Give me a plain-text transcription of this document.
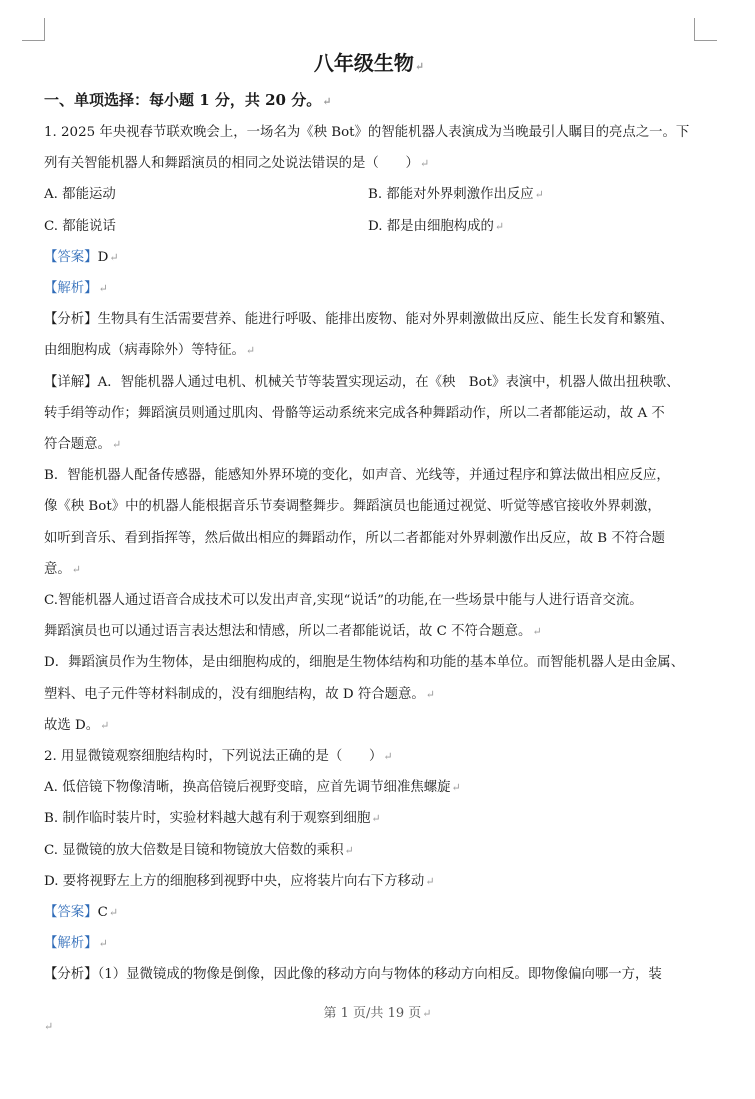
八年级生物↵
一、单项选择：每小题 1 分，共 20 分。↵

1. 2025 年央视春节联欢晚会上，一场名为《秧 Bot》的智能机器人表演成为当晚最引人瞩目的亮点之一。下

列有关智能机器人和舞蹈演员的相同之处说法错误的是（　　）↵

A. 都能运动	B. 都能对外界刺激作出反应↵
C. 都能说话	D. 都是由细胞构成的↵

【答案】D↵

【解析】↵

【分析】生物具有生活需要营养、能进行呼吸、能排出废物、能对外界刺激做出反应、能生长发育和繁殖、

由细胞构成（病毒除外）等特征。↵

【详解】A．智能机器人通过电机、机械关节等装置实现运动，在《秧　Bot》表演中，机器人做出扭秧歌、

转手绢等动作；舞蹈演员则通过肌肉、骨骼等运动系统来完成各种舞蹈动作，所以二者都能运动，故 A 不

符合题意。↵

B．智能机器人配备传感器，能感知外界环境的变化，如声音、光线等，并通过程序和算法做出相应反应，

像《秧 Bot》中的机器人能根据音乐节奏调整舞步。舞蹈演员也能通过视觉、听觉等感官接收外界刺激，

如听到音乐、看到指挥等，然后做出相应的舞蹈动作，所以二者都能对外界刺激作出反应，故 B 不符合题

意。↵

C.智能机器人通过语音合成技术可以发出声音,实现“说话”的功能,在一些场景中能与人进行语音交流。

舞蹈演员也可以通过语言表达想法和情感，所以二者都能说话，故 C 不符合题意。↵

D．舞蹈演员作为生物体，是由细胞构成的，细胞是生物体结构和功能的基本单位。而智能机器人是由金属、

塑料、电子元件等材料制成的，没有细胞结构，故 D 符合题意。↵

故选 D。↵

2. 用显微镜观察细胞结构时，下列说法正确的是（　　）↵

A. 低倍镜下物像清晰，换高倍镜后视野变暗，应首先调节细准焦螺旋↵

B. 制作临时装片时，实验材料越大越有利于观察到细胞↵

C. 显微镜的放大倍数是目镜和物镜放大倍数的乘积↵

D. 要将视野左上方的细胞移到视野中央，应将装片向右下方移动↵

【答案】C↵

【解析】↵

【分析】（1）显微镜成的物像是倒像，因此像的移动方向与物体的移动方向相反。即物像偏向哪一方，装

第 1 页/共 19 页↵
↵
